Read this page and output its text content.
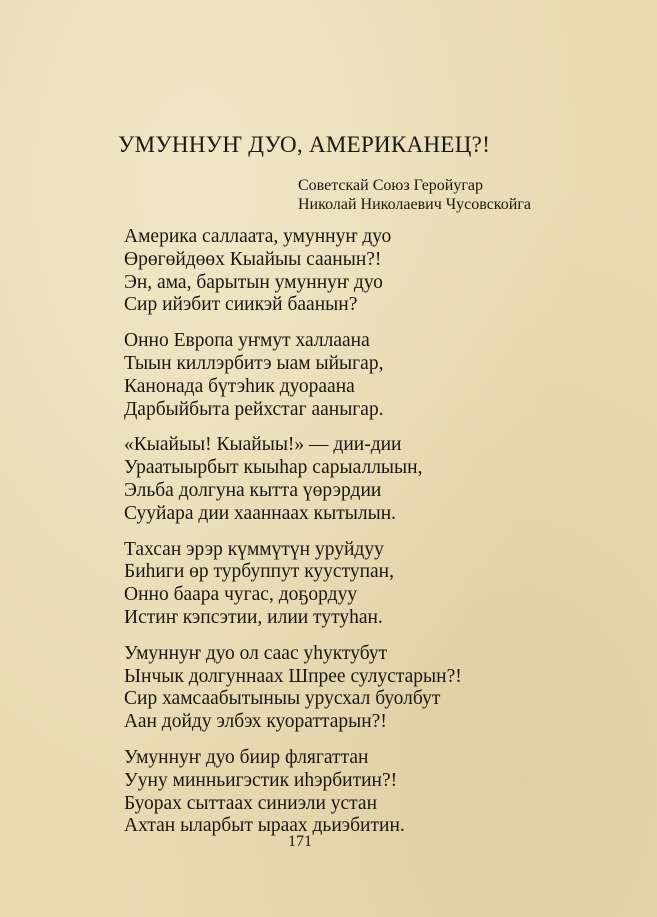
УМУННУҤ ДУО, АМЕРИКАНЕЦ?!
Советскай Союз Геройугар
Николай Николаевич Чусовскойга
Америка саллаата, умуннуҥ дуо
Өрөгөйдөөх Кыайыы саанын?!
Эн, ама, барытын умуннуҥ дуо
Сир ийэбит сиикэй баанын?
Онно Европа уҥмут халлаана
Тыын киллэрбитэ ыам ыйыгар,
Канонада бүтэһик дуораана
Дарбыйбыта рейхстаг ааныгар.
«Кыайыы! Кыайыы!» — дии-дии
Ураатыырбыт кыыһар сарыаллыын,
Эльба долгуна кытта үөрэрдии
Сууйара дии хааннаах кытылын.
Тахсан эрэр күммүтүн уруйдуу
Биһиги өр турбуппут кууступан,
Онно баара чугас, доҕордуу
Истиҥ кэпсэтии, илии тутуһан.
Умуннуҥ дуо ол саас уһуктубут
Ынчык долгуннаах Шпрее сулустарын?!
Сир хамсаабытыныы урусхал буолбут
Аан дойду элбэх куораттарын?!
Умуннуҥ дуо биир флягаттан
Ууну минньигэстик иһэрбитин?!
Буорах сыттаах синиэли устан
Ахтан ыларбыт ыраах дьиэбитин.
171
